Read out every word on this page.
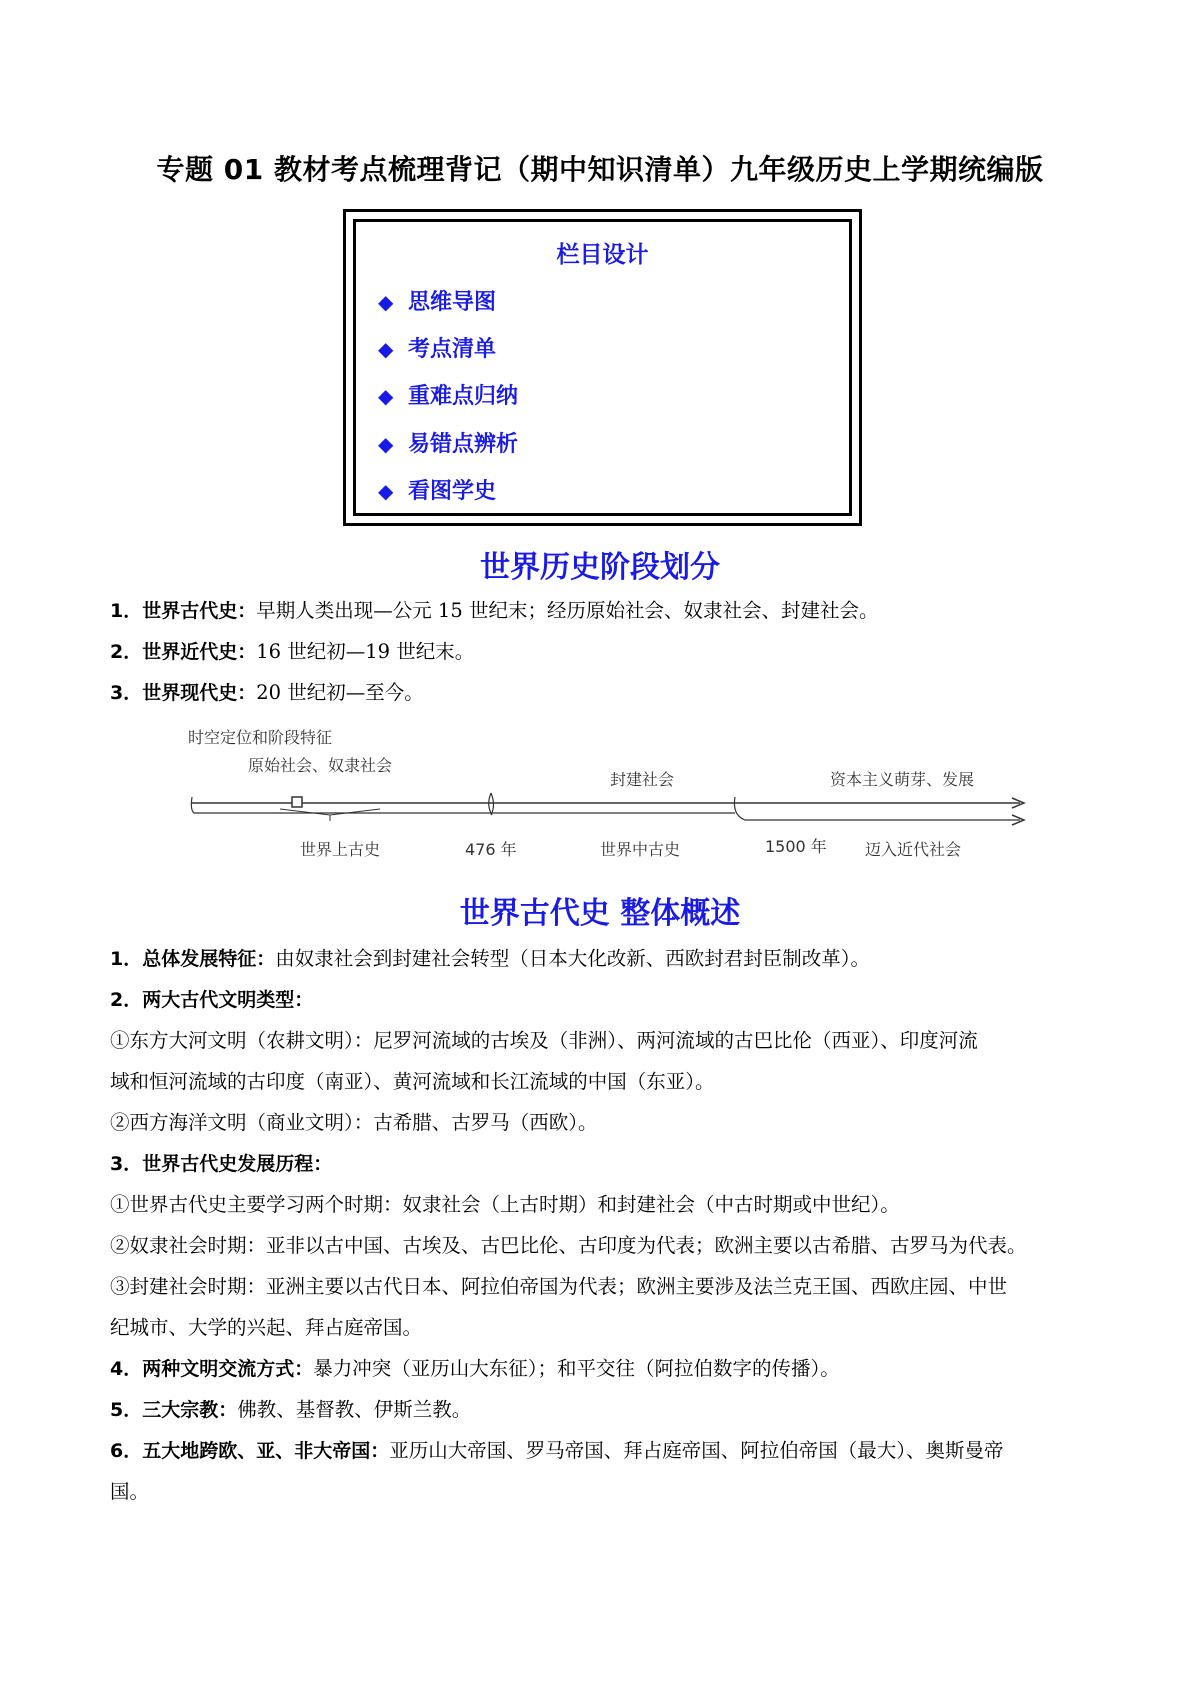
专题 01 教材考点梳理背记（期中知识清单）九年级历史上学期统编版
栏目设计
◆ 思维导图
◆ 考点清单
◆ 重难点归纳
◆ 易错点辨析
◆ 看图学史
世界历史阶段划分
1．世界古代史：早期人类出现—公元 15 世纪末；经历原始社会、奴隶社会、封建社会。
2．世界近代史：16 世纪初—19 世纪末。
3．世界现代史：20 世纪初—至今。
时空定位和阶段特征
原始社会、奴隶社会
封建社会	资本主义萌芽、发展
世界上古史	476 年	世界中古史	1500 年 迈入近代社会
世界古代史 整体概述
1．总体发展特征：由奴隶社会到封建社会转型（日本大化改新、西欧封君封臣制改革）。
2．两大古代文明类型：
①东方大河文明（农耕文明）：尼罗河流域的古埃及（非洲）、两河流域的古巴比伦（西亚）、印度河流
域和恒河流域的古印度（南亚）、黄河流域和长江流域的中国（东亚）。
②西方海洋文明（商业文明）：古希腊、古罗马（西欧）。
3．世界古代史发展历程：
①世界古代史主要学习两个时期：奴隶社会（上古时期）和封建社会（中古时期或中世纪）。
②奴隶社会时期：亚非以古中国、古埃及、古巴比伦、古印度为代表；欧洲主要以古希腊、古罗马为代表。
③封建社会时期：亚洲主要以古代日本、阿拉伯帝国为代表；欧洲主要涉及法兰克王国、西欧庄园、中世
纪城市、大学的兴起、拜占庭帝国。
4．两种文明交流方式：暴力冲突（亚历山大东征）；和平交往（阿拉伯数字的传播）。
5．三大宗教：佛教、基督教、伊斯兰教。
6．五大地跨欧、亚、非大帝国：亚历山大帝国、罗马帝国、拜占庭帝国、阿拉伯帝国（最大）、奥斯曼帝
国。
